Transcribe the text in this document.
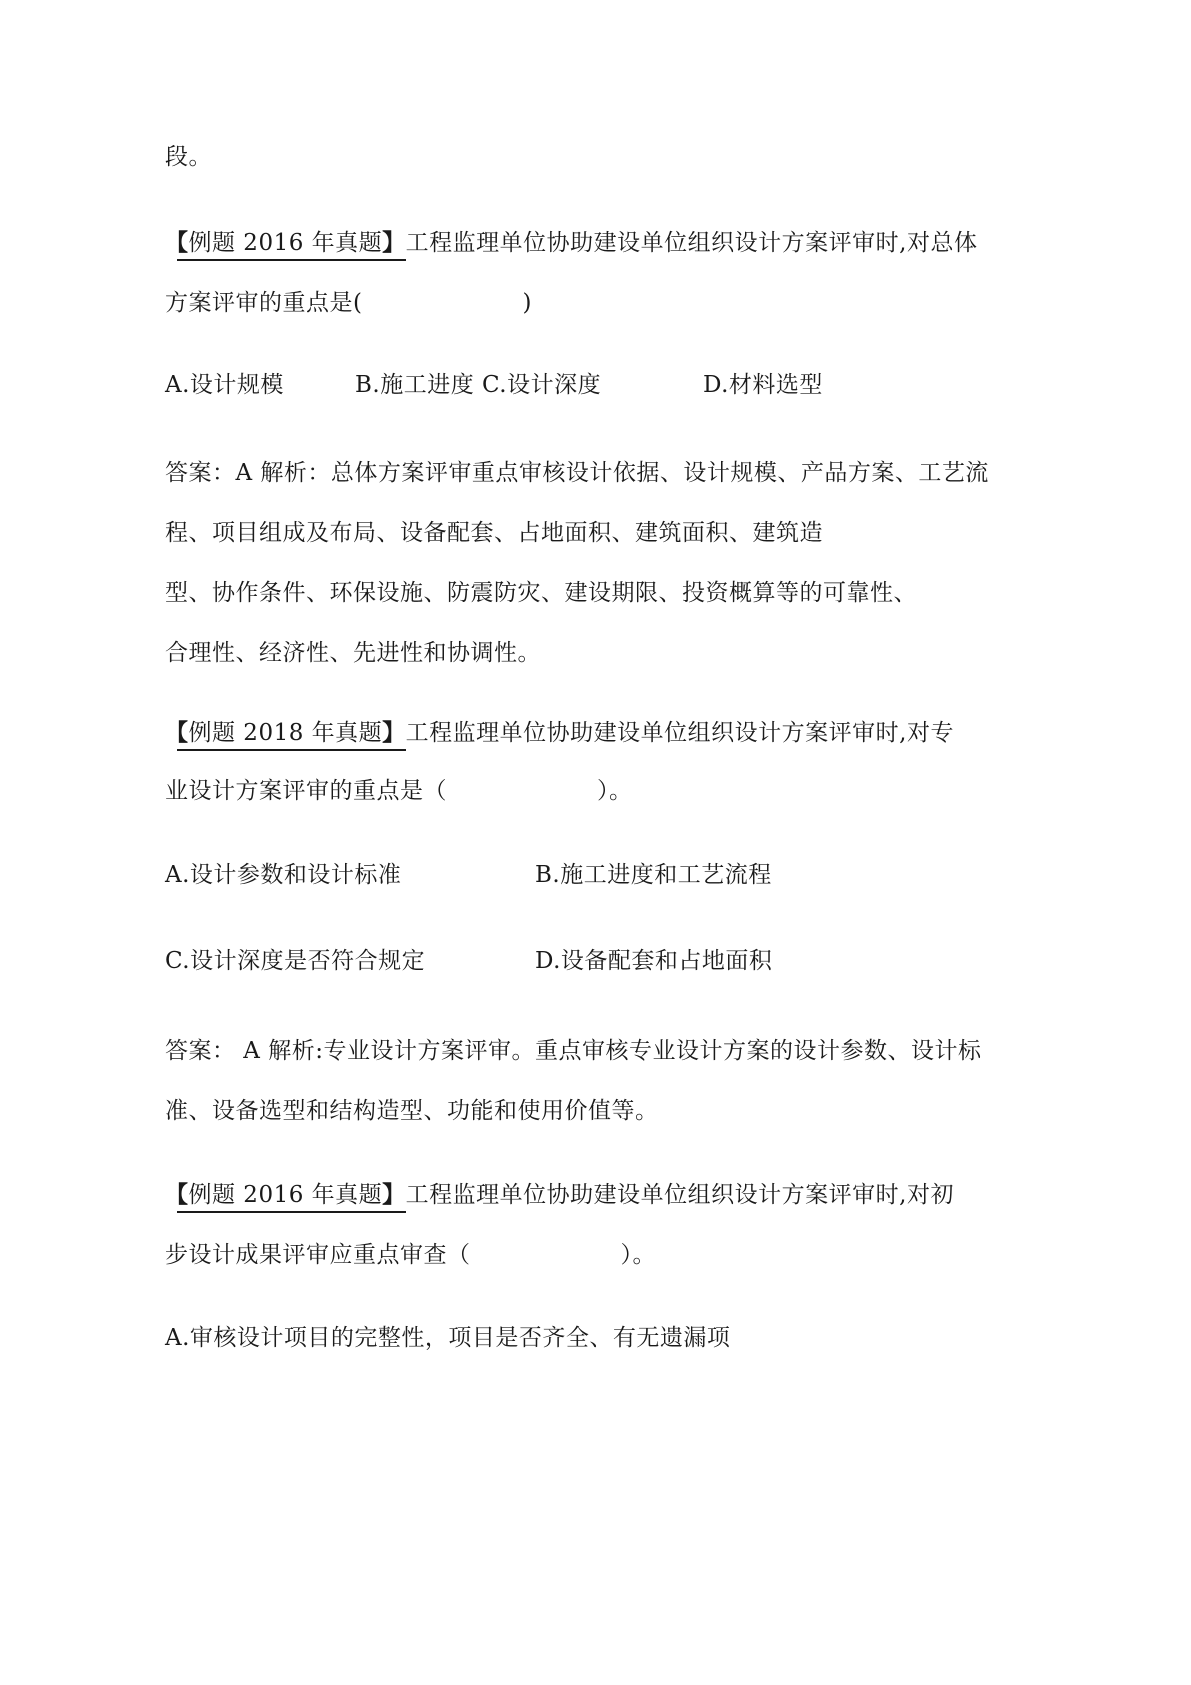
段。
【例题 2016 年真题】工程监理单位协助建设单位组织设计方案评审时,对总体
方案评审的重点是(	)
A.设计规模	B.施工进度 C.设计深度	D.材料选型
答案：A 解析：总体方案评审重点审核设计依据、设计规模、产品方案、工艺流
程、项目组成及布局、设备配套、占地面积、建筑面积、建筑造
型、协作条件、环保设施、防震防灾、建设期限、投资概算等的可靠性、
合理性、经济性、先进性和协调性。
【例题 2018 年真题】工程监理单位协助建设单位组织设计方案评审时,对专
业设计方案评审的重点是（	）。
A.设计参数和设计标准	B.施工进度和工艺流程
C.设计深度是否符合规定	D.设备配套和占地面积
答案： A 解析:专业设计方案评审。重点审核专业设计方案的设计参数、设计标
准、设备选型和结构造型、功能和使用价值等。
【例题 2016 年真题】工程监理单位协助建设单位组织设计方案评审时,对初
步设计成果评审应重点审查（	）。
A.审核设计项目的完整性，项目是否齐全、有无遗漏项
